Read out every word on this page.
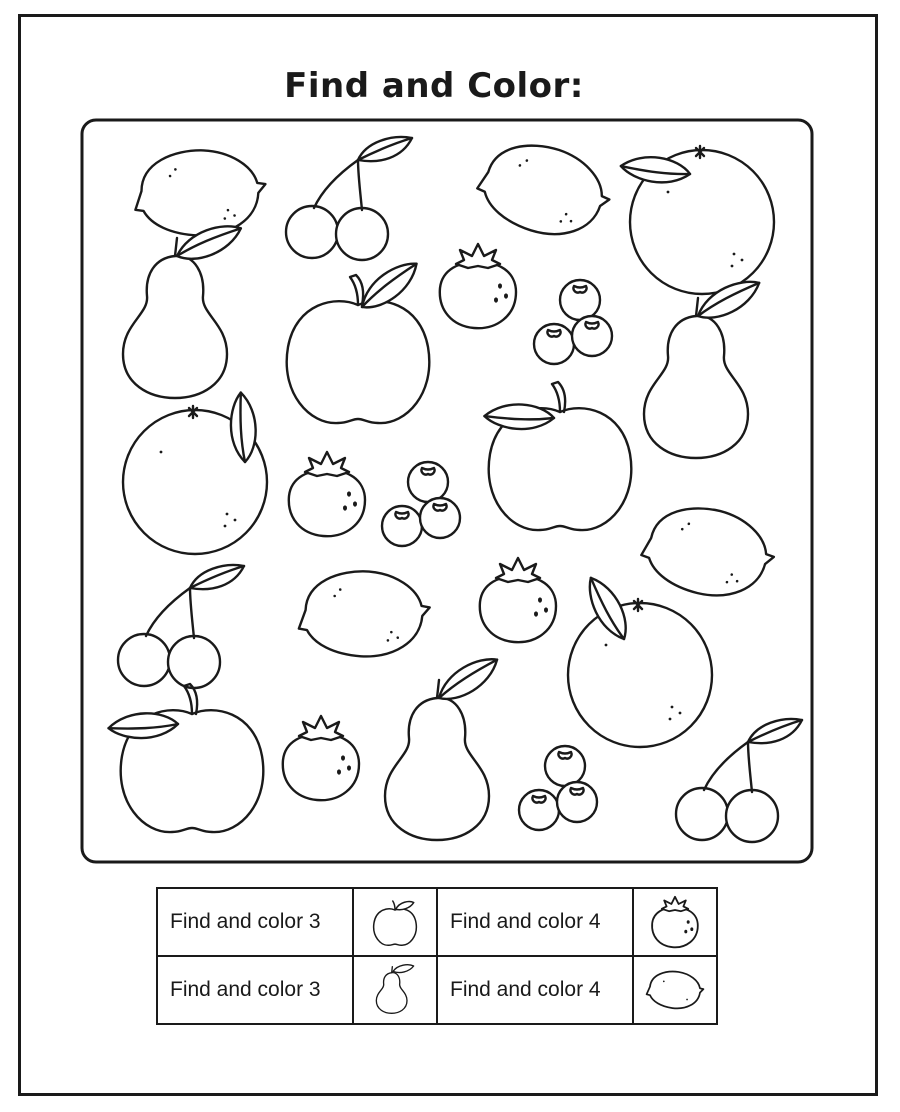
Find and Color:
Find and color 3		Find and color 4	

Find and color 3		Find and color 4	
